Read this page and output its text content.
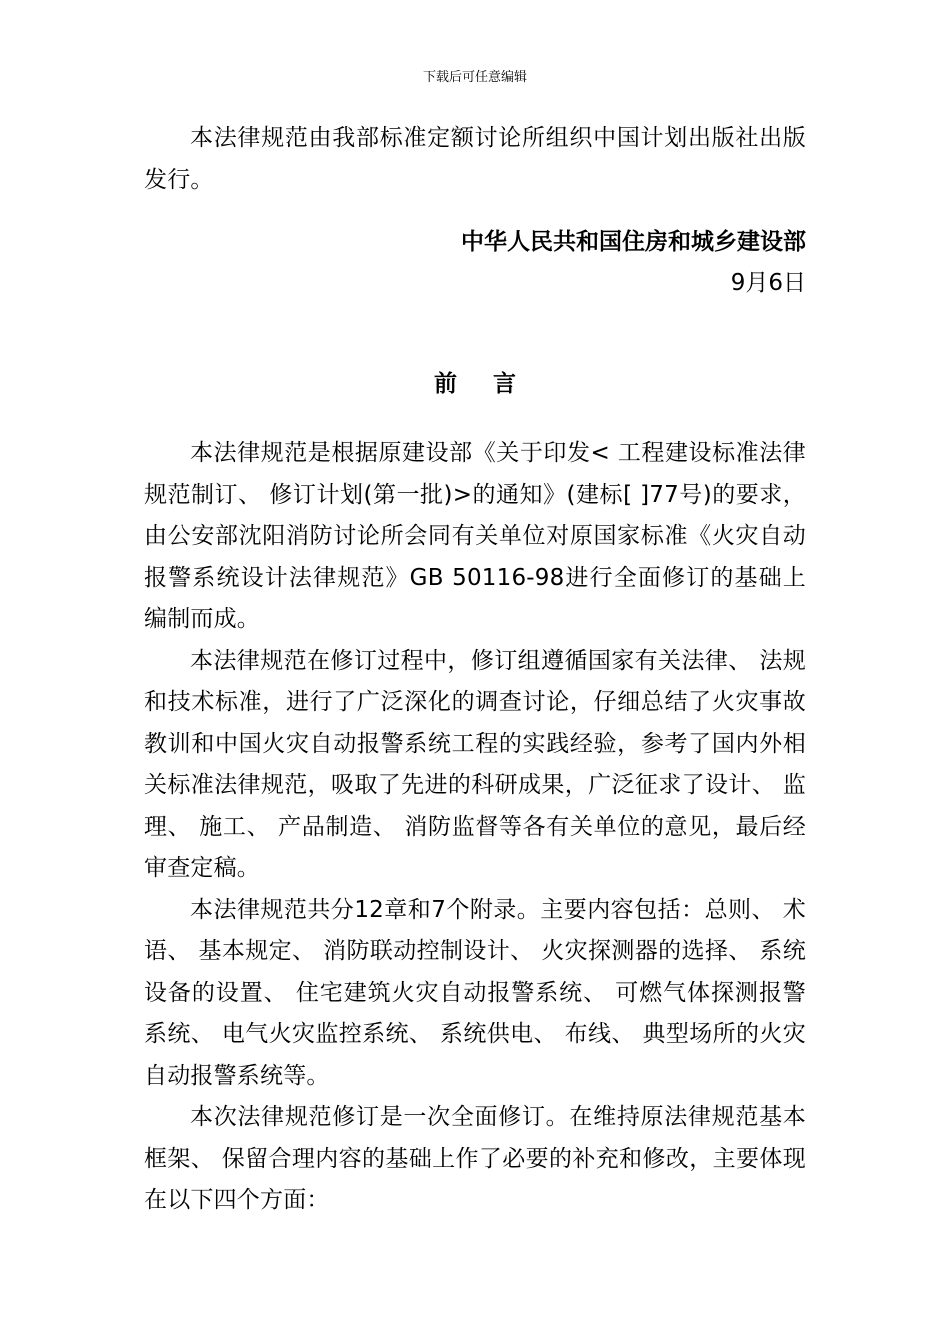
下载后可任意编辑

本法律规范由我部标准定额讨论所组织中国计划出版社出版发行。

中华人民共和国住房和城乡建设部

9月6日

前 言

本法律规范是根据原建设部《关于印发< 工程建设标准法律规范制订、 修订计划(第一批)>的通知》(建标[ ]77号)的要求，由公安部沈阳消防讨论所会同有关单位对原国家标准《火灾自动报警系统设计法律规范》GB 50116-98进行全面修订的基础上编制而成。

本法律规范在修订过程中，修订组遵循国家有关法律、 法规和技术标准，进行了广泛深化的调查讨论，仔细总结了火灾事故教训和中国火灾自动报警系统工程的实践经验，参考了国内外相关标准法律规范，吸取了先进的科研成果，广泛征求了设计、 监理、 施工、 产品制造、 消防监督等各有关单位的意见，最后经审查定稿。

本法律规范共分12章和7个附录。主要内容包括：总则、 术语、 基本规定、 消防联动控制设计、 火灾探测器的选择、 系统设备的设置、 住宅建筑火灾自动报警系统、 可燃气体探测报警系统、 电气火灾监控系统、 系统供电、 布线、 典型场所的火灾自动报警系统等。

本次法律规范修订是一次全面修订。在维持原法律规范基本框架、 保留合理内容的基础上作了必要的补充和修改，主要体现在以下四个方面：
